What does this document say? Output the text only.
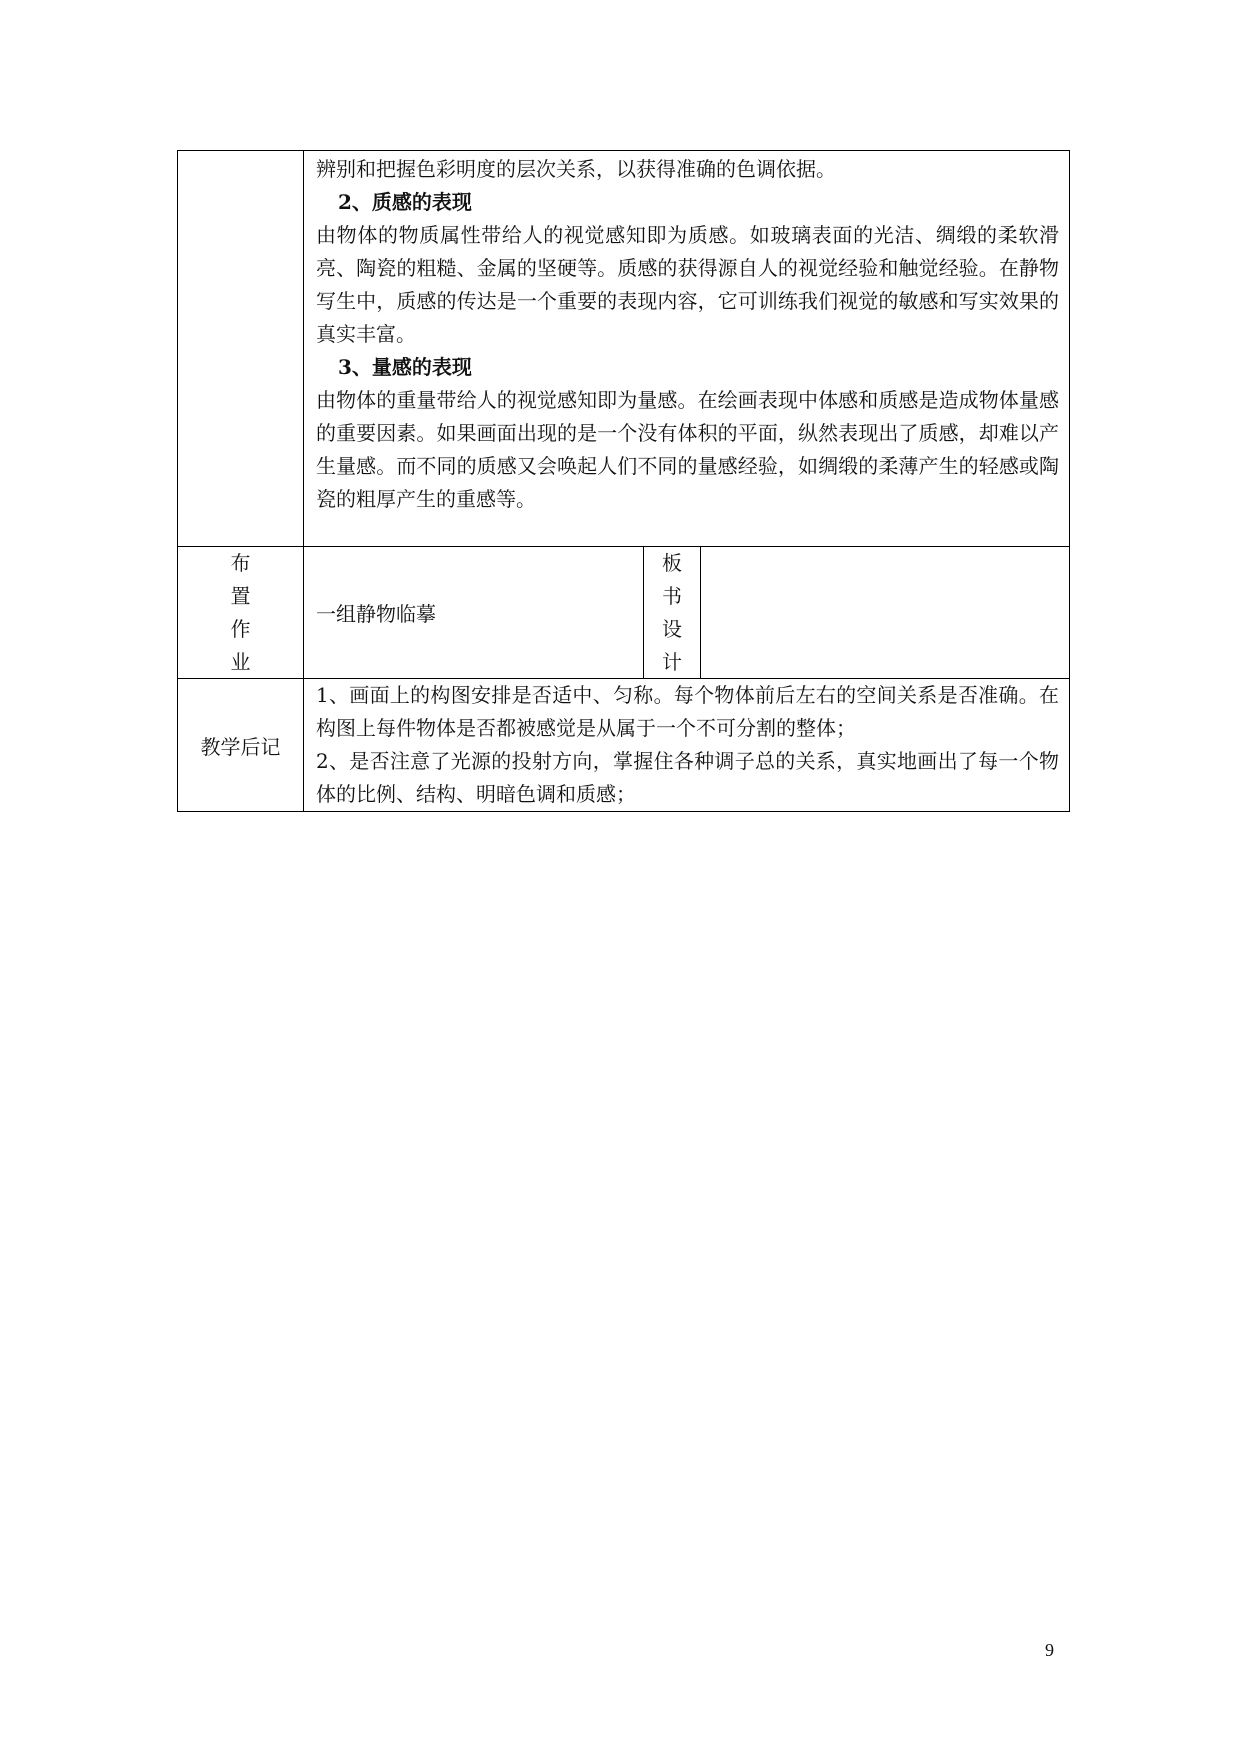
辨别和把握色彩明度的层次关系，以获得准确的色调依据。

2、质感的表现

由物体的物质属性带给人的视觉感知即为质感。如玻璃表面的光洁、绸缎的柔软滑亮、陶瓷的粗糙、金属的坚硬等。质感的获得源自人的视觉经验和触觉经验。在静物写生中，质感的传达是一个重要的表现内容，它可训练我们视觉的敏感和写实效果的真实丰富。

3、量感的表现

由物体的重量带给人的视觉感知即为量感。在绘画表现中体感和质感是造成物体量感的重要因素。如果画面出现的是一个没有体积的平面，纵然表现出了质感，却难以产生量感。而不同的质感又会唤起人们不同的量感经验，如绸缎的柔薄产生的轻感或陶瓷的粗厚产生的重感等。

布
置
作
业
一组静物临摹
板
书
设
计
教学后记

1、画面上的构图安排是否适中、匀称。每个物体前后左右的空间关系是否准确。在构图上每件物体是否都被感觉是从属于一个不可分割的整体；

2、是否注意了光源的投射方向，掌握住各种调子总的关系，真实地画出了每一个物体的比例、结构、明暗色调和质感；

9
